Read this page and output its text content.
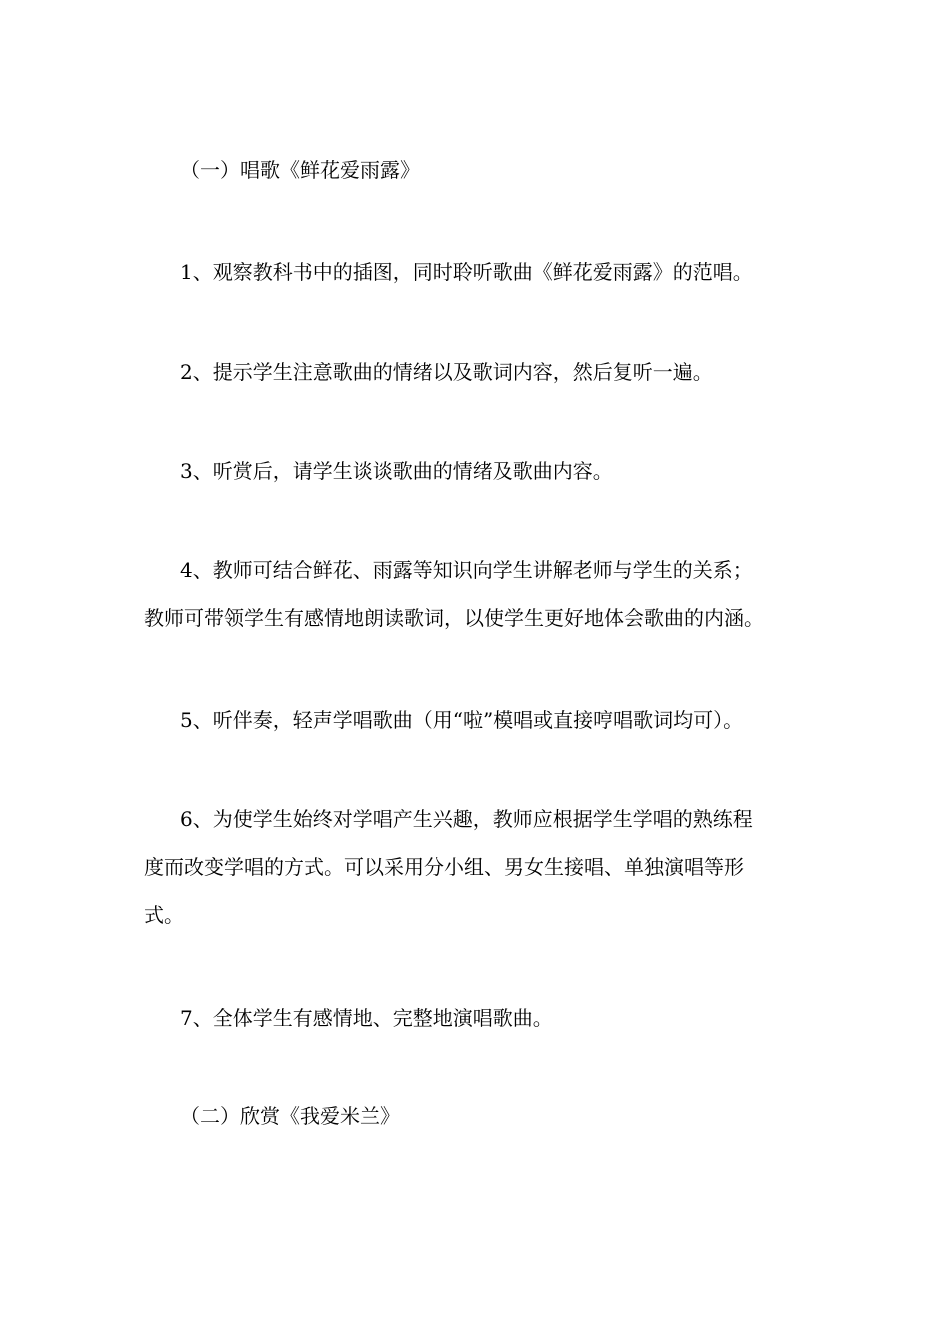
（一）唱歌《鲜花爱雨露》
1、观察教科书中的插图，同时聆听歌曲《鲜花爱雨露》的范唱。
2、提示学生注意歌曲的情绪以及歌词内容，然后复听一遍。
3、听赏后，请学生谈谈歌曲的情绪及歌曲内容。
4、教师可结合鲜花、雨露等知识向学生讲解老师与学生的关系；
教师可带领学生有感情地朗读歌词，以使学生更好地体会歌曲的内涵。
5、听伴奏，轻声学唱歌曲（用“啦”模唱或直接哼唱歌词均可）。
6、为使学生始终对学唱产生兴趣，教师应根据学生学唱的熟练程
度而改变学唱的方式。可以采用分小组、男女生接唱、单独演唱等形
式。
7、全体学生有感情地、完整地演唱歌曲。
（二）欣赏《我爱米兰》
